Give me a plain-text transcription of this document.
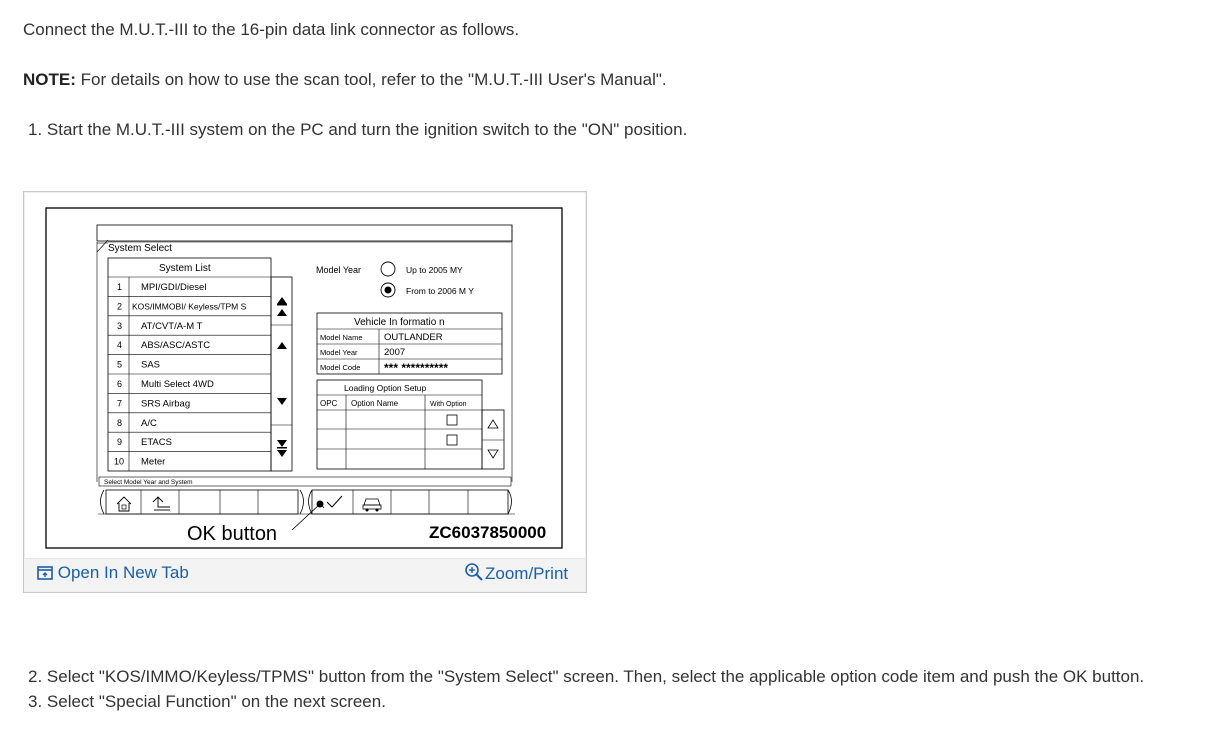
Connect the M.U.T.-III to the 16-pin data link connector as follows.

NOTE: For details on how to use the scan tool, refer to the "M.U.T.-III User's Manual".

1. Start the M.U.T.-III system on the PC and turn the ignition switch to the "ON" position.

System Select
System List
1 MPI/GDI/Diesel
2 KOS/IMMOBI/ Keyless/TPM S
3 AT/CVT/A-M T
4 ABS/ASC/ASTC
5 SAS
6 Multi Select 4WD
7 SRS Airbag
8 A/C
9 ETACS
10 Meter
Model Year	Up to 2005 MY
From to 2006 M Y
Vehicle In formatio n
Model Name OUTLANDER
Model Year	2007
Model Code *** **********
Loading Option Setup
OPC Option Name	With Option
Select Model Year and System
OK button	ZC6037850000
Open In New Tab	Zoom/Print

2. Select "KOS/IMMO/Keyless/TPMS" button from the "System Select" screen. Then, select the applicable option code item and push the OK button.

3. Select "Special Function" on the next screen.
